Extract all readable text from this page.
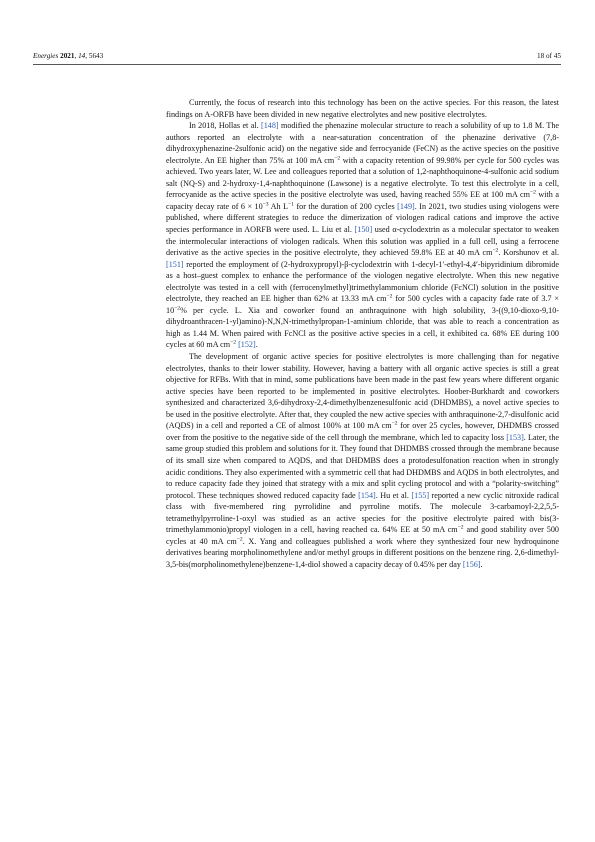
Energies 2021, 14, 5643	18 of 45

Currently, the focus of research into this technology has been on the active species. For this reason, the latest findings on A-ORFB have been divided in new negative electrolytes and new positive electrolytes.

In 2018, Hollas et al. [148] modified the phenazine molecular structure to reach a solubility of up to 1.8 M. The authors reported an electrolyte with a near-saturation concentration of the phenazine derivative (7,8-dihydroxyphenazine-2sulfonic acid) on the negative side and ferrocyanide (FeCN) as the active species on the positive electrolyte. An EE higher than 75% at 100 mA $cm^{-2}$ with a capacity retention of 99.98% per cycle for 500 cycles was achieved. Two years later, W. Lee and colleagues reported that a solution of 1,2-naphthoquinone-4-sulfonic acid sodium salt (NQ-S) and 2-hydroxy-1,4-naphthoquinone (Lawsone) is a negative electrolyte. To test this electrolyte in a cell, ferrocyanide as the active species in the positive electrolyte was used, having reached 55% EE at 100 mA $cm^{-2}$ with a capacity decay rate of $6 \times 10^{-3}$ Ah $L^{-1}$ for the duration of 200 cycles [149]. In 2021, two studies using viologens were published, where different strategies to reduce the dimerization of viologen radical cations and improve the active species performance in AORFB were used. L. Liu et al. [150] used α-cyclodextrin as a molecular spectator to weaken the intermolecular interactions of viologen radicals. When this solution was applied in a full cell, using a ferrocene derivative as the active species in the positive electrolyte, they achieved 59.8% EE at 40 mA $cm^{-2}$. Korshunov et al. [151] reported the employment of (2-hydroxypropyl)-β-cyclodextrin with 1-decyl-1′-ethyl-4,4′-bipyridinium dibromide as a host–guest complex to enhance the performance of the viologen negative electrolyte. When this new negative electrolyte was tested in a cell with (ferrocenylmethyl)trimethylammonium chloride (FcNCl) solution in the positive electrolyte, they reached an EE higher than 62% at 13.33 mA $cm^{-2}$ for 500 cycles with a capacity fade rate of $3.7 \times 10^{-2}\%$ per cycle. L. Xia and coworker found an anthraquinone with high solubility, 3-((9,10-dioxo-9,10-dihydroanthracen-1-yl)amino)-N,N,N-trimethylpropan-1-aminium chloride, that was able to reach a concentration as high as 1.44 M. When paired with FcNCl as the positive active species in a cell, it exhibited ca. 68% EE during 100 cycles at 60 mA $cm^{-2}$ [152].

The development of organic active species for positive electrolytes is more challenging than for negative electrolytes, thanks to their lower stability. However, having a battery with all organic active species is still a great objective for RFBs. With that in mind, some publications have been made in the past few years where different organic active species have been reported to be implemented in positive electrolytes. Hoober-Burkhardt and coworkers synthesized and characterized 3,6-dihydroxy-2,4-dimethylbenzenesulfonic acid (DHDMBS), a novel active species to be used in the positive electrolyte. After that, they coupled the new active species with anthraquinone-2,7-disulfonic acid (AQDS) in a cell and reported a CE of almost 100% at 100 mA $cm^{-2}$ for over 25 cycles, however, DHDMBS crossed over from the positive to the negative side of the cell through the membrane, which led to capacity loss [153]. Later, the same group studied this problem and solutions for it. They found that DHDMBS crossed through the membrane because of its small size when compared to AQDS, and that DHDMBS does a protodesulfonation reaction when in strongly acidic conditions. They also experimented with a symmetric cell that had DHDMBS and AQDS in both electrolytes, and to reduce capacity fade they joined that strategy with a mix and split cycling protocol and with a “polarity-switching” protocol. These techniques showed reduced capacity fade [154]. Hu et al. [155] reported a new cyclic nitroxide radical class with five-membered ring pyrrolidine and pyrroline motifs. The molecule 3-carbamoyl-2,2,5,5-tetramethylpyrroline-1-oxyl was studied as an active species for the positive electrolyte paired with bis(3-trimethylammonio)propyl viologen in a cell, having reached ca. 64% EE at 50 mA $cm^{-2}$ and good stability over 500 cycles at 40 mA $cm^{-2}$. X. Yang and colleagues published a work where they synthesized four new hydroquinone derivatives bearing morpholinomethylene and/or methyl groups in different positions on the benzene ring. 2,6-dimethyl-3,5-bis(morpholinomethylene)benzene-1,4-diol showed a capacity decay of 0.45% per day [156].
